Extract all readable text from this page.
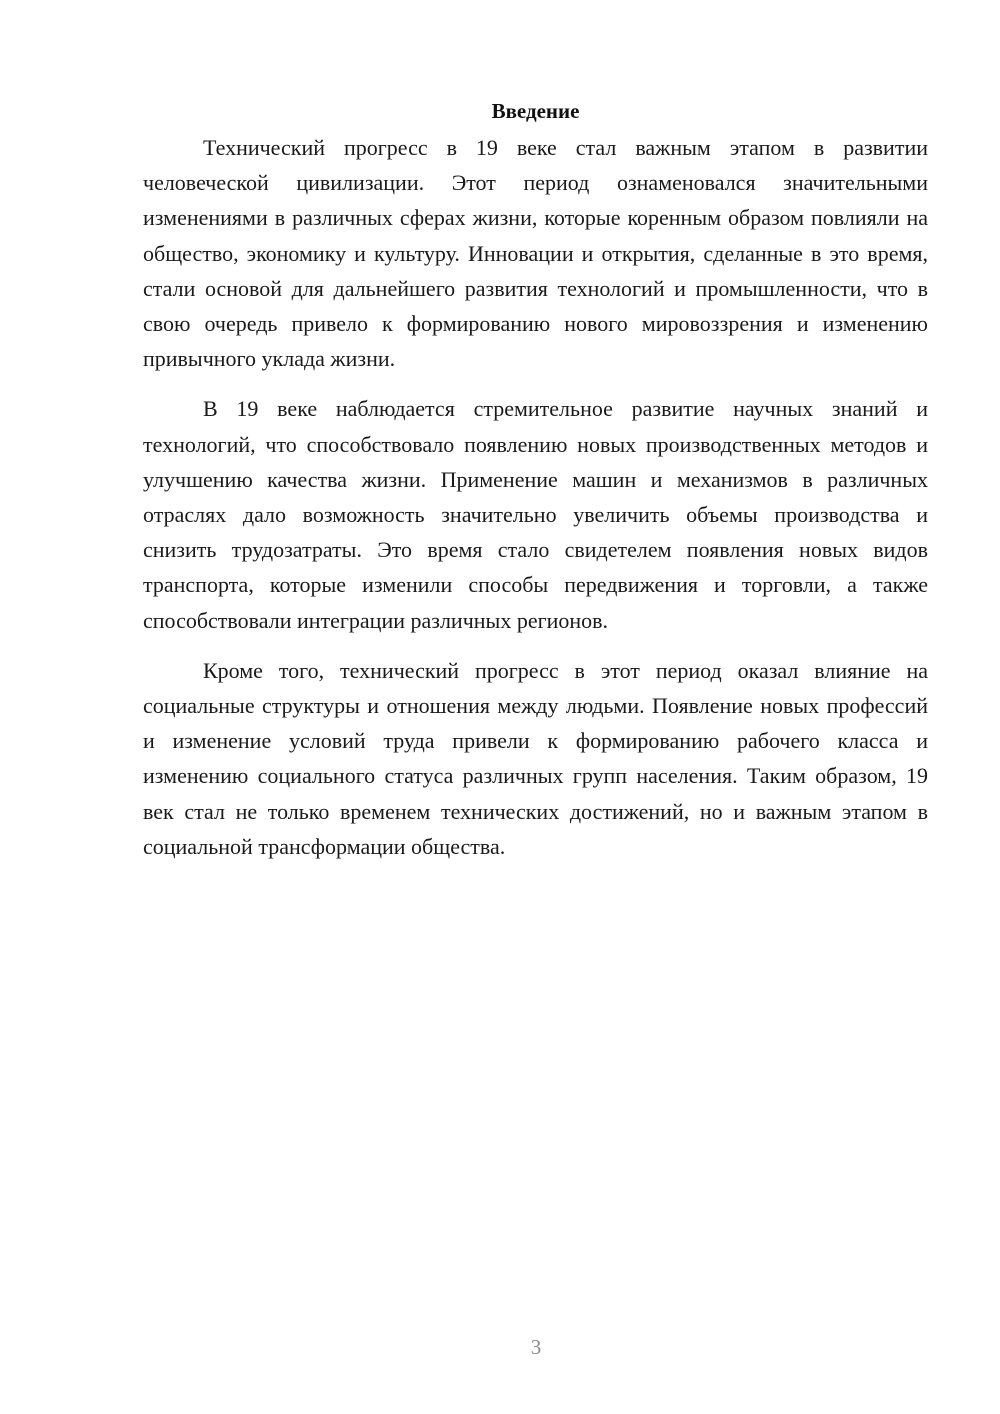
Введение

Технический прогресс в 19 веке стал важным этапом в развитии человеческой цивилизации. Этот период ознаменовался значительными изменениями в различных сферах жизни, которые коренным образом повлияли на общество, экономику и культуру. Инновации и открытия, сделанные в это время, стали основой для дальнейшего развития технологий и промышленности, что в свою очередь привело к формированию нового мировоззрения и изменению привычного уклада жизни.

В 19 веке наблюдается стремительное развитие научных знаний и технологий, что способствовало появлению новых производственных методов и улучшению качества жизни. Применение машин и механизмов в различных отраслях дало возможность значительно увеличить объемы производства и снизить трудозатраты. Это время стало свидетелем появления новых видов транспорта, которые изменили способы передвижения и торговли, а также способствовали интеграции различных регионов.

Кроме того, технический прогресс в этот период оказал влияние на социальные структуры и отношения между людьми. Появление новых профессий и изменение условий труда привели к формированию рабочего класса и изменению социального статуса различных групп населения. Таким образом, 19 век стал не только временем технических достижений, но и важным этапом в социальной трансформации общества.

3
